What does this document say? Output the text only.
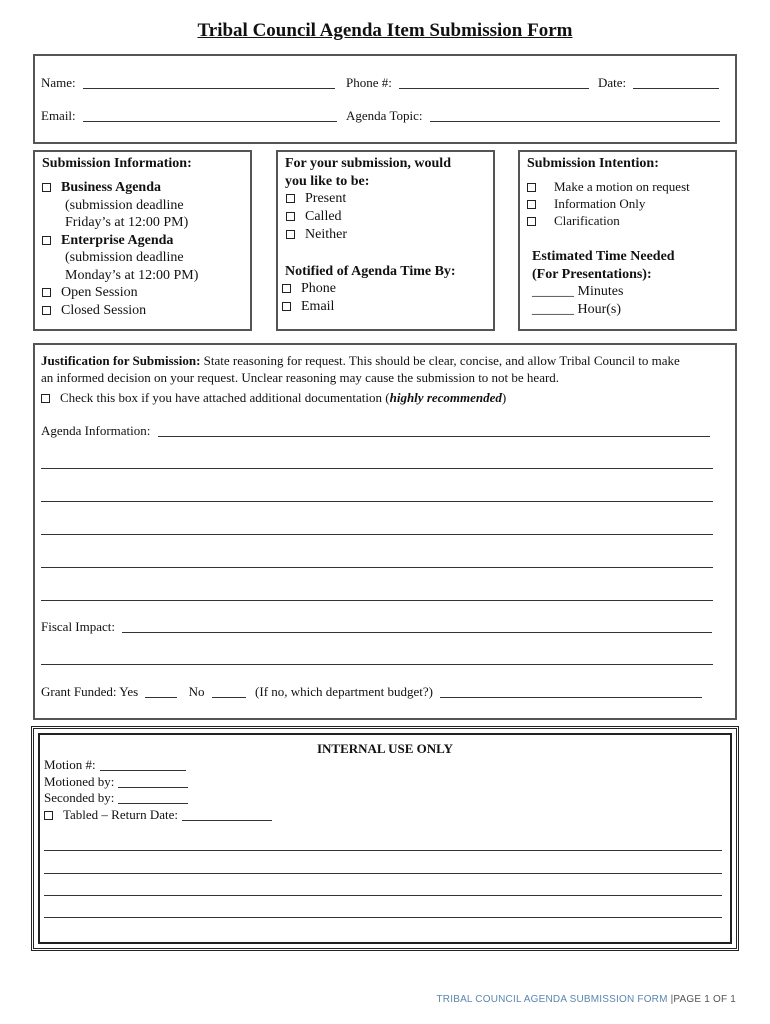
Tribal Council Agenda Item Submission Form
Name:	Phone #:	Date:
Email:	Agenda Topic:
Submission Information:
Business Agenda
(submission deadline
Friday’s at 12:00 PM)
Enterprise Agenda
(submission deadline
Monday’s at 12:00 PM)
Open Session
Closed Session
For your submission, would
you like to be:
Present
Called
Neither
Notified of Agenda Time By:
Phone
Email
Submission Intention:
Make a motion on request
Information Only
Clarification
Estimated Time Needed
(For Presentations):
______ Minutes
______ Hour(s)
Justification for Submission: State reasoning for request. This should be clear, concise, and allow Tribal Council to make
an informed decision on your request. Unclear reasoning may cause the submission to not be heard.
Check this box if you have attached additional documentation (highly recommended)
Agenda Information:
Fiscal Impact:
Grant Funded: Yes	No	(If no, which department budget?)
INTERNAL USE ONLY
Motion #:
Motioned by:
Seconded by:
Tabled – Return Date:
TRIBAL COUNCIL AGENDA SUBMISSION FORM |PAGE 1 OF 1
